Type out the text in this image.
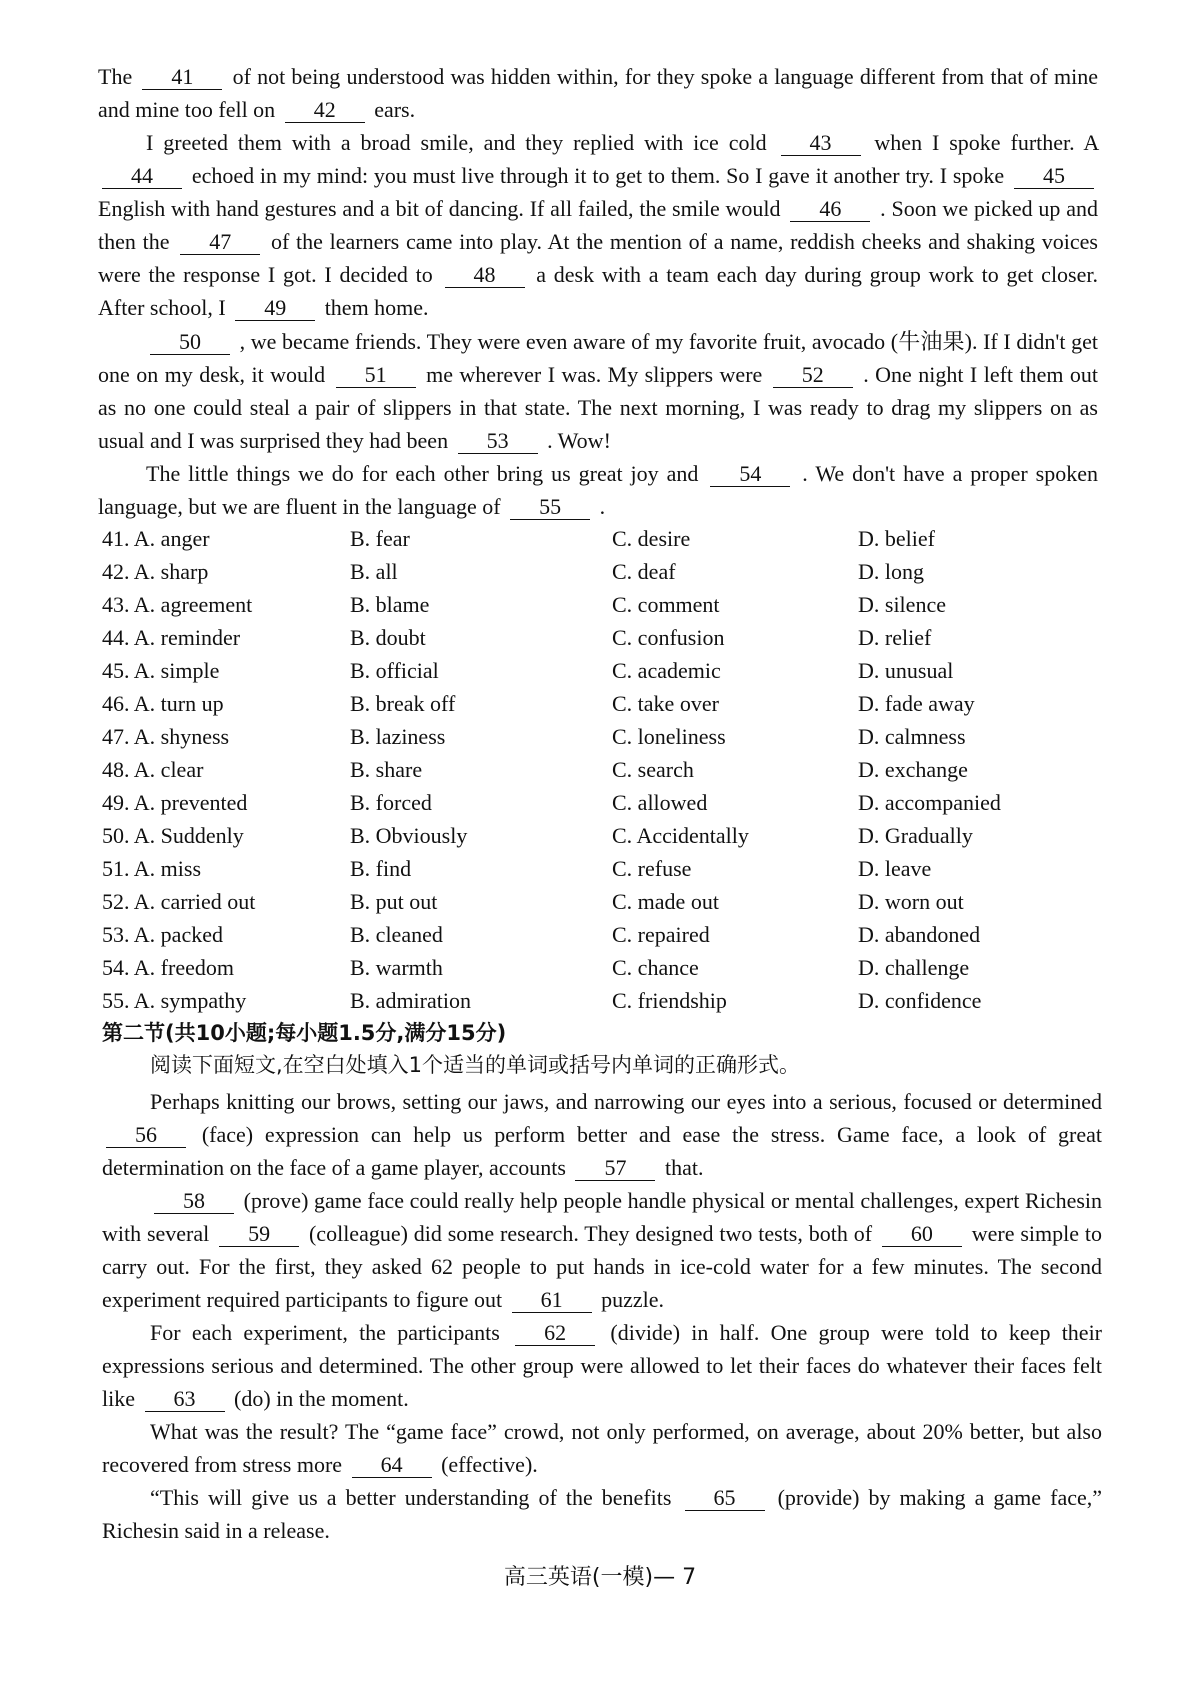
The 41 of not being understood was hidden within, for they spoke a language different from that of mine and mine too fell on 42 ears.

I greeted them with a broad smile, and they replied with ice cold 43 when I spoke further. A 44 echoed in my mind: you must live through it to get to them. So I gave it another try. I spoke 45 English with hand gestures and a bit of dancing. If all failed, the smile would 46 . Soon we picked up and then the 47 of the learners came into play. At the mention of a name, reddish cheeks and shaking voices were the response I got. I decided to 48 a desk with a team each day during group work to get closer. After school, I 49 them home.

50 , we became friends. They were even aware of my favorite fruit, avocado (牛油果). If I didn't get one on my desk, it would 51 me wherever I was. My slippers were 52 . One night I left them out as no one could steal a pair of slippers in that state. The next morning, I was ready to drag my slippers on as usual and I was surprised they had been 53 . Wow!

The little things we do for each other bring us great joy and 54 . We don't have a proper spoken language, but we are fluent in the language of 55 .

41. A. anger	B. fear	C. desire	D. belief
42. A. sharp	B. all	C. deaf	D. long
43. A. agreement	B. blame	C. comment	D. silence
44. A. reminder	B. doubt	C. confusion	D. relief
45. A. simple	B. official	C. academic	D. unusual
46. A. turn up	B. break off	C. take over	D. fade away
47. A. shyness	B. laziness	C. loneliness	D. calmness
48. A. clear	B. share	C. search	D. exchange
49. A. prevented	B. forced	C. allowed	D. accompanied
50. A. Suddenly	B. Obviously	C. Accidentally	D. Gradually
51. A. miss	B. find	C. refuse	D. leave
52. A. carried out	B. put out	C. made out	D. worn out
53. A. packed	B. cleaned	C. repaired	D. abandoned
54. A. freedom	B. warmth	C. chance	D. challenge
55. A. sympathy	B. admiration	C. friendship	D. confidence
第二节(共10小题;每小题1.5分,满分15分)
阅读下面短文,在空白处填入1个适当的单词或括号内单词的正确形式。

Perhaps knitting our brows, setting our jaws, and narrowing our eyes into a serious, focused or determined 56 (face) expression can help us perform better and ease the stress. Game face, a look of great determination on the face of a game player, accounts 57 that.

58 (prove) game face could really help people handle physical or mental challenges, expert Richesin with several 59 (colleague) did some research. They designed two tests, both of 60 were simple to carry out. For the first, they asked 62 people to put hands in ice-cold water for a few minutes. The second experiment required participants to figure out 61 puzzle.

For each experiment, the participants 62 (divide) in half. One group were told to keep their expressions serious and determined. The other group were allowed to let their faces do whatever their faces felt like 63 (do) in the moment.

What was the result? The “game face” crowd, not only performed, on average, about 20% better, but also recovered from stress more 64 (effective).

“This will give us a better understanding of the benefits 65 (provide) by making a game face,” Richesin said in a release.

高三英语(一模)— 7
